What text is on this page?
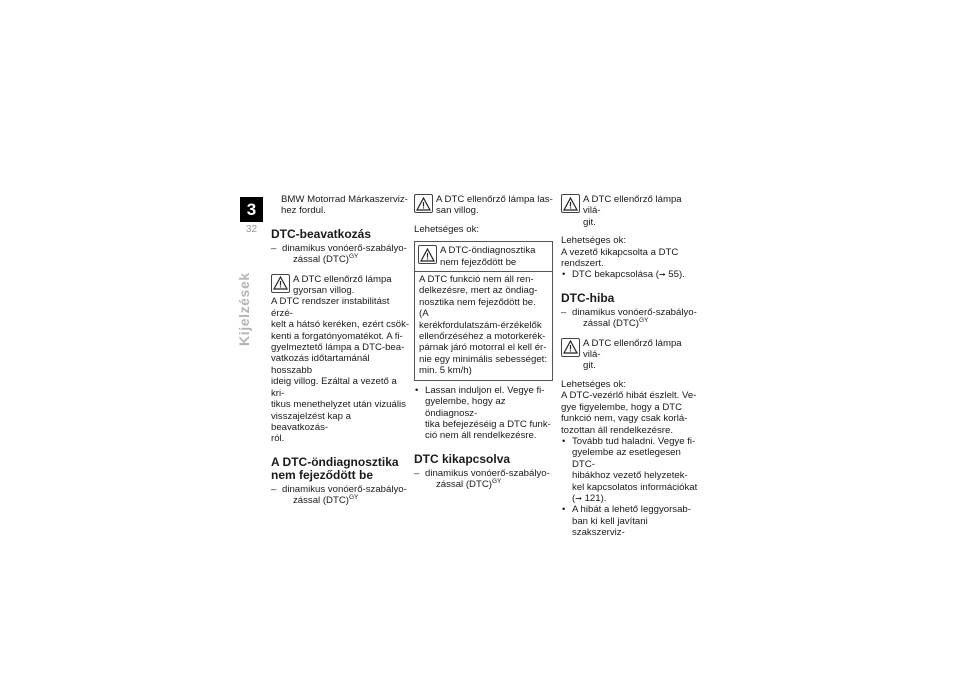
3
32
Kijelzések
BMW Motorrad Márkaszerviz-
hez fordul.
DTC-beavatkozás
– dinamikus vonóerő-szabályo-
zással (DTC)$^{GY}$
A DTC ellenőrző lámpa
gyorsan villog.
A DTC rendszer instabilitást érzé-
kelt a hátsó keréken, ezért csök-
kenti a forgatónyomatékot. A fi-
gyelmeztető lámpa a DTC-bea-
vatkozás időtartamánál hosszabb
ideig villog. Ezáltal a vezető a kri-
tikus menethelyzet után vizuális
visszajelzést kap a beavatkozás-
ról.
A DTC-öndiagnosztika
nem fejeződött be
– dinamikus vonóerő-szabályo-
zással (DTC)$^{GY}$
A DTC ellenőrző lámpa las-
san villog.
Lehetséges ok:
A DTC-öndiagnosztika
nem fejeződött be
A DTC funkció nem áll ren-
delkezésre, mert az öndiag-
nosztika nem fejeződött be. (A
kerékfordulatszám-érzékelők
ellenőrzéséhez a motorkerék-
párnak járó motorral el kell ér-
nie egy minimális sebességet:
min. 5 km/h)
• Lassan induljon el. Vegye fi-
gyelembe, hogy az öndiagnosz-
tika befejezéséig a DTC funk-
ció nem áll rendelkezésre.
DTC kikapcsolva
– dinamikus vonóerő-szabályo-
zással (DTC)$^{GY}$
A DTC ellenőrző lámpa vilá-
git.
Lehetséges ok:
A vezető kikapcsolta a DTC
rendszert.
• DTC bekapcsolása (➞ 55).
DTC-hiba
– dinamikus vonóerő-szabályo-
zással (DTC)$^{GY}$
A DTC ellenőrző lámpa vilá-
git.
Lehetséges ok:
A DTC-vezérlő hibát észlelt. Ve-
gye figyelembe, hogy a DTC
funkció nem, vagy csak korlá-
tozottan áll rendelkezésre.
• Tovább tud haladni. Vegye fi-
gyelembe az esetlegesen DTC-
hibákhoz vezető helyzetek-
kel kapcsolatos információkat
(➞ 121).
• A hibát a lehető leggyorsab-
ban ki kell javítani szakszerviz-
